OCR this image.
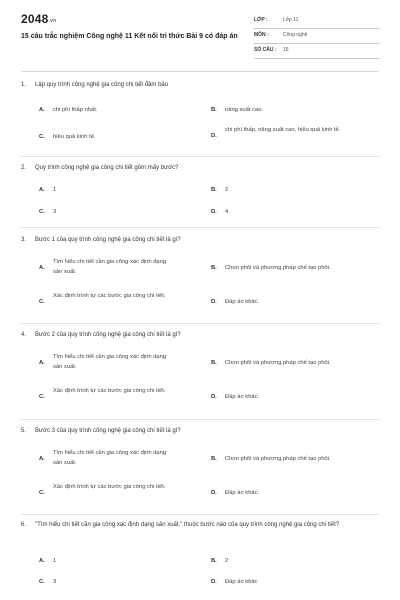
$2048^{.vn}$
15 câu trắc nghiệm Công nghệ 11 Kết nối tri thức Bài 9 có đáp án
LỚP :	Lớp 11
MÔN :	Công nghệ
SỐ CÂU : 15
1. Lập quy trình công nghệ gia công chi tiết đảm bảo
A. chi phí thấp nhất.	B. năng suất cao.
C. hiệu quả kinh tế.	D.
chi phí thấp, năng suất cao, hiệu quả kinh tế.
2. Quy trình công nghệ gia công chi tiết gồm mấy bước?
A. 1	B. 2
C. 3	D. 4
3. Bước 1 của quy trình công nghệ gia công chi tiết là gì?
A.
Tìm hiểu chi tiết cần gia công xác định dạng sản xuất.
B. Chọn phôi và phương pháp chế tạo phôi.
C.
Xác định trình tự các bước gia công chi tiết.
D. Đáp án khác.
4. Bước 2 của quy trình công nghệ gia công chi tiết là gì?
A.
Tìm hiểu chi tiết cần gia công xác định dạng sản xuất.
B. Chọn phôi và phương pháp chế tạo phôi.
C.
Xác định trình tự các bước gia công chi tiết.
D. Đáp án khác.
5. Bước 3 của quy trình công nghệ gia công chi tiết là gì?
A.
Tìm hiểu chi tiết cần gia công xác định dạng sản xuất.
B. Chọn phôi và phương pháp chế tạo phôi.
C.
Xác định trình tự các bước gia công chi tiết.
D. Đáp án khác.
6. "Tìm hiểu chi tiết cần gia công xác định dạng sản xuất." thuộc bước nào của quy trình công nghệ gia công chi tiết?
A. 1	B. 2
C. 3	D. Đáp án khác
